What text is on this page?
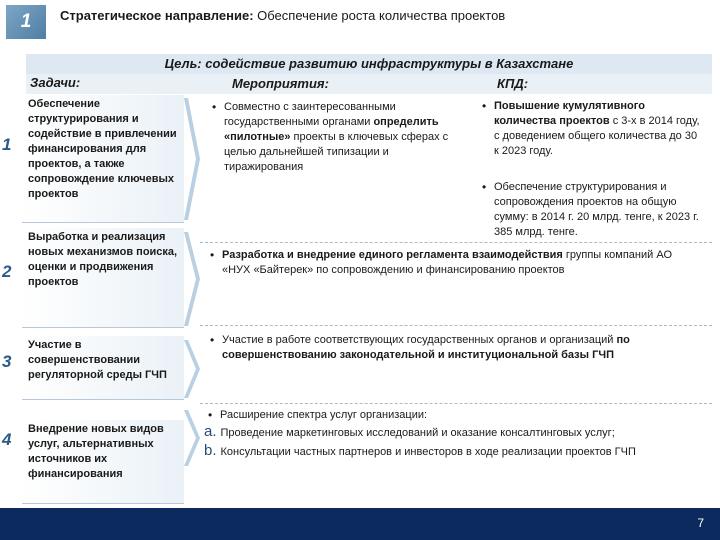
1 Стратегическое направление: Обеспечение роста количества проектов
Цель: содействие развитию инфраструктуры в Казахстане
Задачи:	Мероприятия:	КПД:
1
Обеспечение структурирования и содействие в привлечении финансирования для проектов, а также сопровождение ключевых проектов
• Совместно с заинтересованными государственными органами определить «пилотные» проекты в ключевых сферах с целью дальнейшей типизации и тиражирования
• Повышение кумулятивного количества проектов с 3-х в 2014 году, с доведением общего количества до 30 к 2023 году.
• Обеспечение структурирования и сопровождения проектов на общую сумму: в 2014 г. 20 млрд. тенге, к 2023 г. 385 млрд. тенге.
2
Выработка и реализация новых механизмов поиска, оценки и продвижения проектов
• Разработка и внедрение единого регламента взаимодействия группы компаний АО «НУХ «Байтерек» по сопровождению и финансированию проектов
3
Участие в совершенствовании регуляторной среды ГЧП
• Участие в работе соответствующих государственных органов и организаций по совершенствованию законодательной и институциональной базы ГЧП
4
Внедрение новых видов услуг, альтернативных источников их финансирования
• Расширение спектра услуг организации:
a. Проведение маркетинговых исследований и оказание консалтинговых услуг;
b. Консультации частных партнеров и инвесторов в ходе реализации проектов ГЧП
7
